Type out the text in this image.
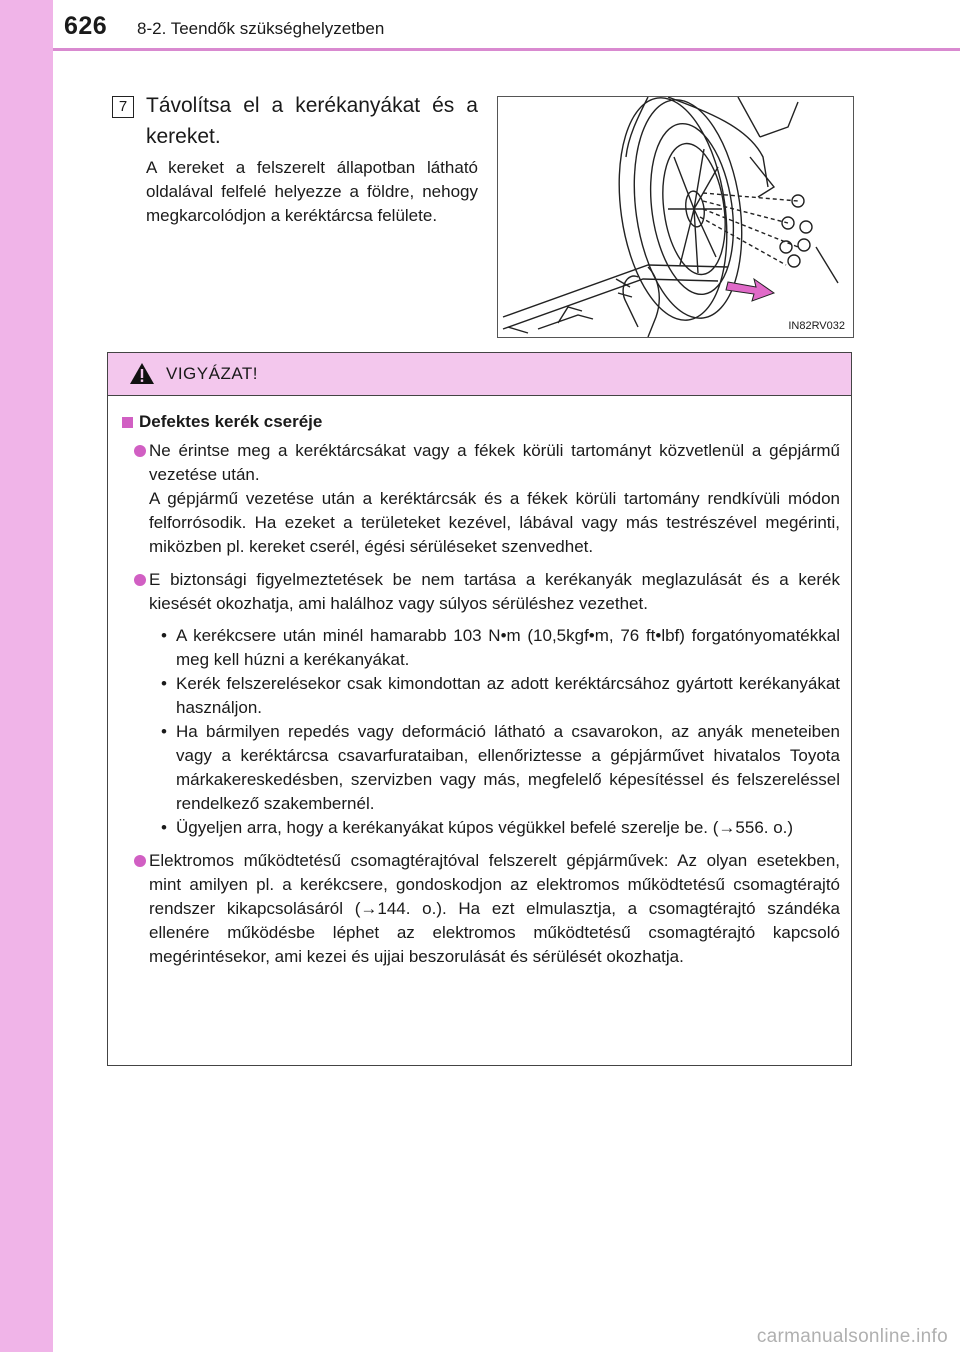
626 8-2. Teendők szükséghelyzetben
7 Távolítsa el a kerékanyákat és a kereket.
A kereket a felszerelt állapotban látható oldalával felfelé helyezze a földre, nehogy megkarcolódjon a keréktárcsa felülete.
IN82RV032
VIGYÁZAT!
Defektes kerék cseréje

Ne érintse meg a keréktárcsákat vagy a fékek körüli tartományt közvetlenül a gépjármű vezetése után.

A gépjármű vezetése után a keréktárcsák és a fékek körüli tartomány rendkívüli módon felforrósodik. Ha ezeket a területeket kezével, lábával vagy más testrészével megérinti, miközben pl. kereket cserél, égési sérüléseket szenvedhet.

E biztonsági figyelmeztetések be nem tartása a kerékanyák meglazulását és a kerék kiesését okozhatja, ami halálhoz vagy súlyos sérüléshez vezethet.

• A kerékcsere után minél hamarabb 103 N•m (10,5kgf•m, 76 ft•lbf) forgatónyomatékkal meg kell húzni a kerékanyákat.
• Kerék felszerelésekor csak kimondottan az adott keréktárcsához gyártott kerékanyákat használjon.
• Ha bármilyen repedés vagy deformáció látható a csavarokon, az anyák meneteiben vagy a keréktárcsa csavarfurataiban, ellenőriztesse a gépjárművet hivatalos Toyota márkakereskedésben, szervizben vagy más, megfelelő képesítéssel és felszereléssel rendelkező szakembernél.
• Ügyeljen arra, hogy a kerékanyákat kúpos végükkel befelé szerelje be. (→556. o.)

Elektromos működtetésű csomagtérajtóval felszerelt gépjárművek: Az olyan esetekben, mint amilyen pl. a kerékcsere, gondoskodjon az elektromos működtetésű csomagtérajtó rendszer kikapcsolásáról (→144. o.). Ha ezt elmulasztja, a csomagtérajtó szándéka ellenére működésbe léphet az elektromos működtetésű csomagtérajtó kapcsoló megérintésekor, ami kezei és ujjai beszorulását és sérülését okozhatja.

carmanualsonline.info
